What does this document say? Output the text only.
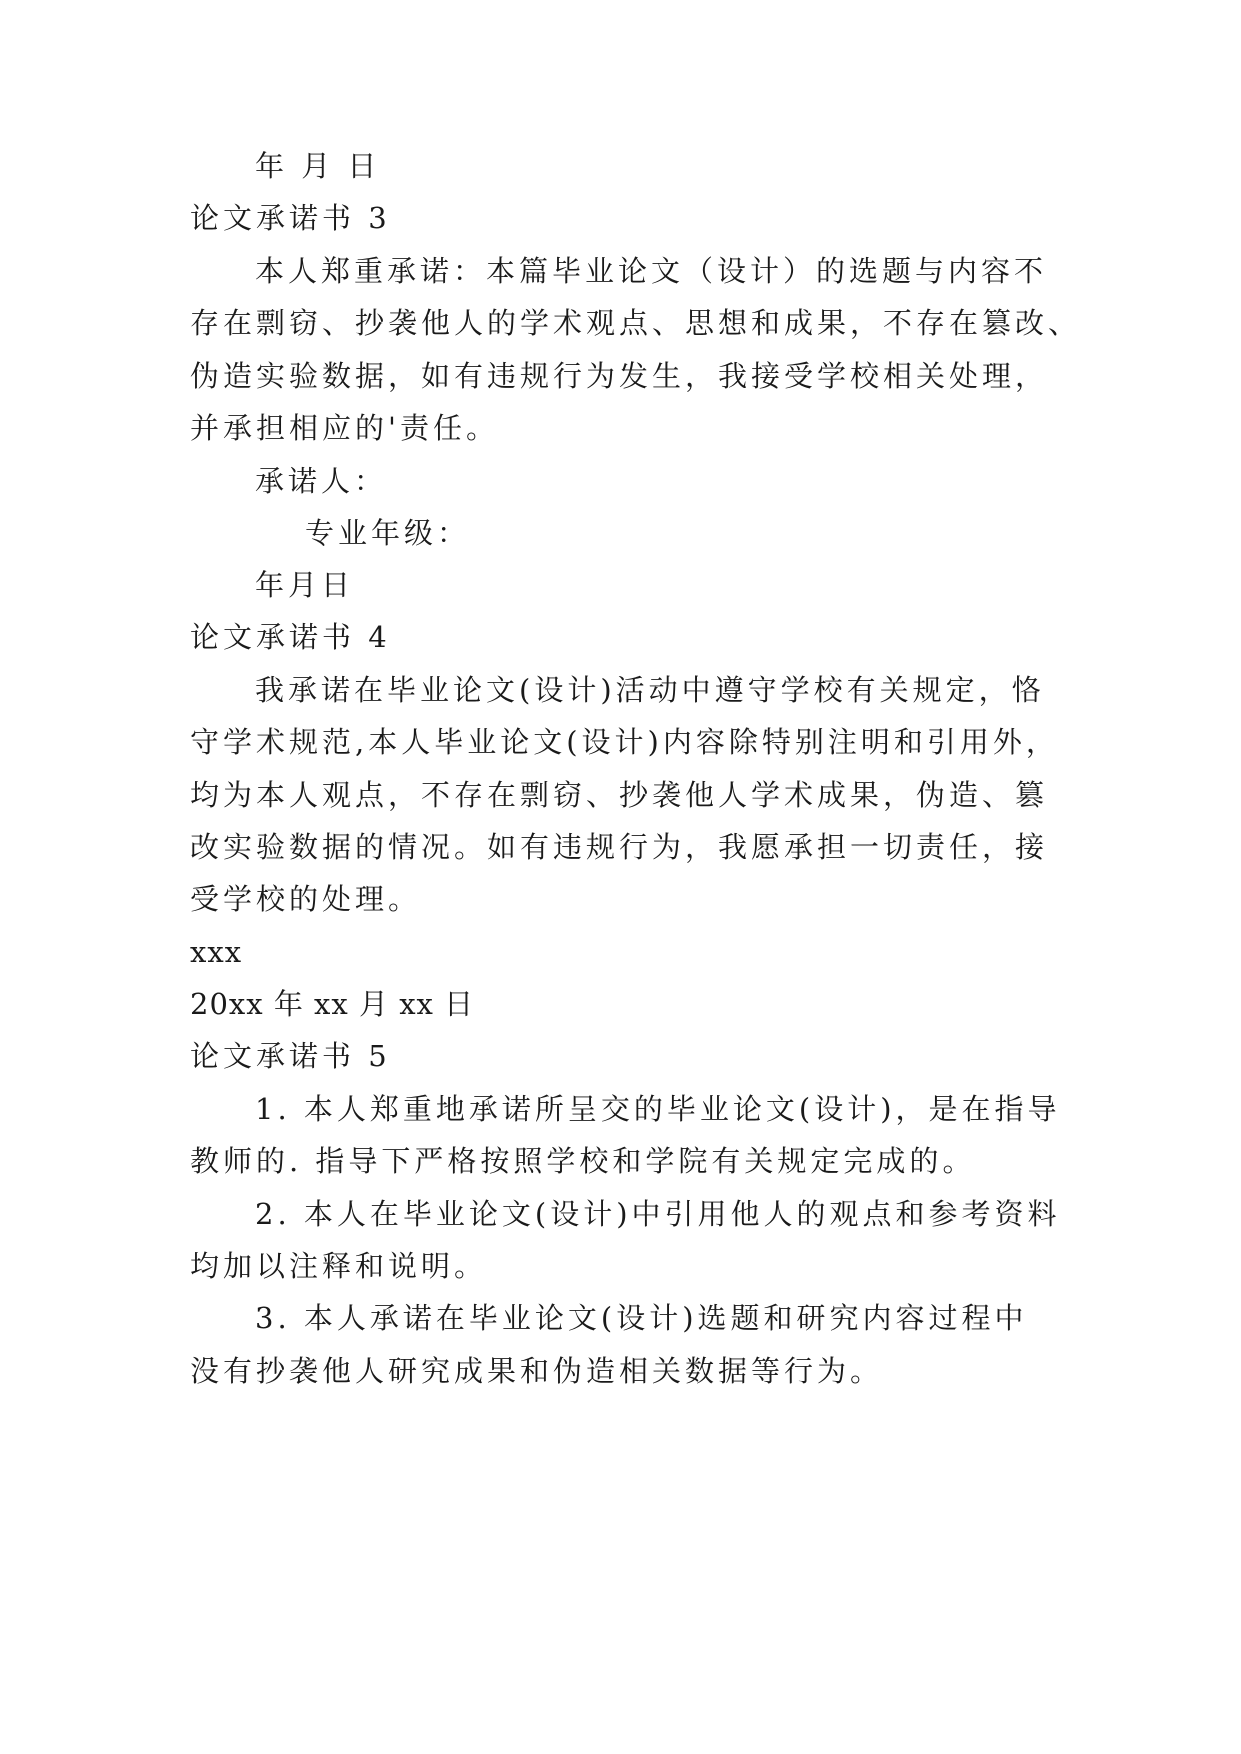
年 月 日
论文承诺书 3
本人郑重承诺：本篇毕业论文（设计）的选题与内容不
存在剽窃、抄袭他人的学术观点、思想和成果，不存在篡改、
伪造实验数据，如有违规行为发生，我接受学校相关处理，
并承担相应的'责任。
承诺人：
专业年级：
年月日
论文承诺书 4
我承诺在毕业论文(设计)活动中遵守学校有关规定，恪
守学术规范,本人毕业论文(设计)内容除特别注明和引用外，
均为本人观点，不存在剽窃、抄袭他人学术成果，伪造、篡
改实验数据的情况。如有违规行为，我愿承担一切责任，接
受学校的处理。
xxx
20xx 年 xx 月 xx 日
论文承诺书 5
1. 本人郑重地承诺所呈交的毕业论文(设计)，是在指导
教师的. 指导下严格按照学校和学院有关规定完成的。
2. 本人在毕业论文(设计)中引用他人的观点和参考资料
均加以注释和说明。
3. 本人承诺在毕业论文(设计)选题和研究内容过程中
没有抄袭他人研究成果和伪造相关数据等行为。
